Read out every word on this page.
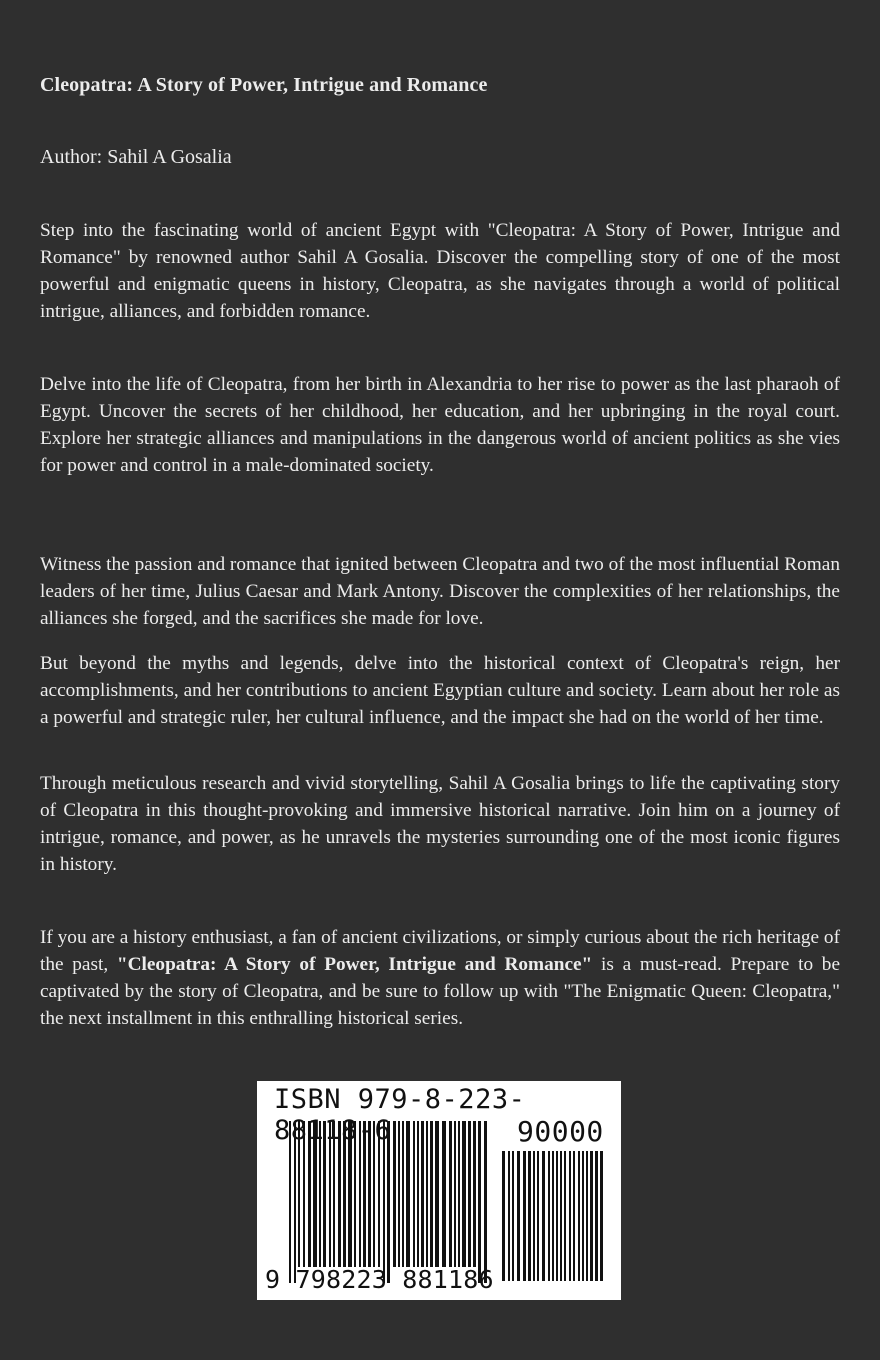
Cleopatra: A Story of Power, Intrigue and Romance
Author: Sahil A Gosalia

Step into the fascinating world of ancient Egypt with "Cleopatra: A Story of Power, Intrigue and Romance" by renowned author Sahil A Gosalia. Discover the compelling story of one of the most powerful and enigmatic queens in history, Cleopatra, as she navigates through a world of political intrigue, alliances, and forbidden romance.

Delve into the life of Cleopatra, from her birth in Alexandria to her rise to power as the last pharaoh of Egypt. Uncover the secrets of her childhood, her education, and her upbringing in the royal court. Explore her strategic alliances and manipulations in the dangerous world of ancient politics as she vies for power and control in a male-dominated society.

Witness the passion and romance that ignited between Cleopatra and two of the most influential Roman leaders of her time, Julius Caesar and Mark Antony. Discover the complexities of her relationships, the alliances she forged, and the sacrifices she made for love.

But beyond the myths and legends, delve into the historical context of Cleopatra's reign, her accomplishments, and her contributions to ancient Egyptian culture and society. Learn about her role as a powerful and strategic ruler, her cultural influence, and the impact she had on the world of her time.

Through meticulous research and vivid storytelling, Sahil A Gosalia brings to life the captivating story of Cleopatra in this thought-provoking and immersive historical narrative. Join him on a journey of intrigue, romance, and power, as he unravels the mysteries surrounding one of the most iconic figures in history.

If you are a history enthusiast, a fan of ancient civilizations, or simply curious about the rich heritage of the past, "Cleopatra: A Story of Power, Intrigue and Romance" is a must-read. Prepare to be captivated by the story of Cleopatra, and be sure to follow up with "The Enigmatic Queen: Cleopatra," the next installment in this enthralling historical series.

ISBN 979-8-223-88118-6	90000
9 798223 881186
